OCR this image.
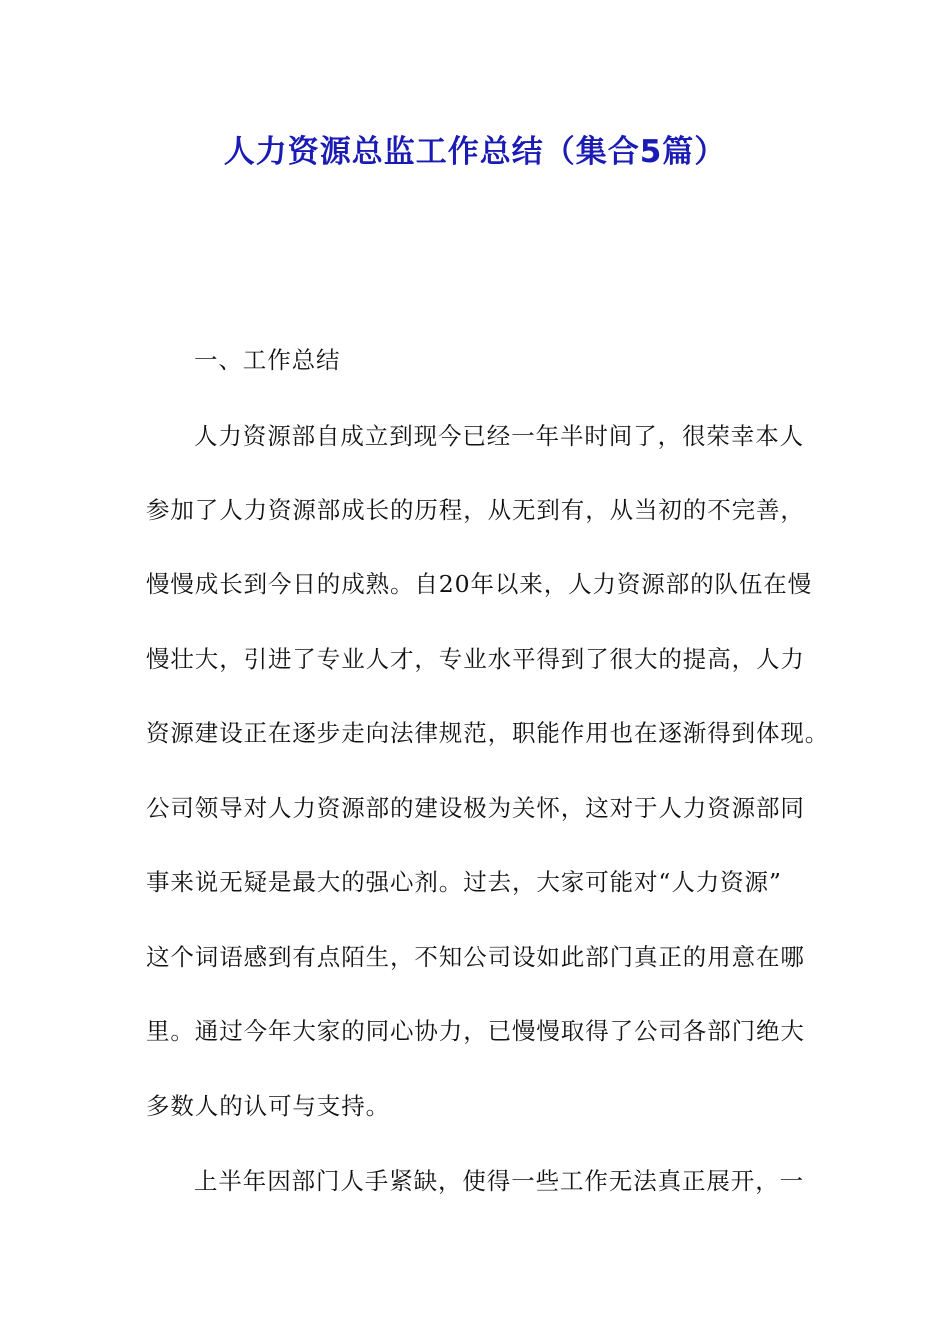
人力资源总监工作总结（集合5篇）
一、工作总结
人力资源部自成立到现今已经一年半时间了，很荣幸本人
参加了人力资源部成长的历程，从无到有，从当初的不完善，
慢慢成长到今日的成熟。自20年以来，人力资源部的队伍在慢
慢壮大，引进了专业人才，专业水平得到了很大的提高，人力
资源建设正在逐步走向法律规范，职能作用也在逐渐得到体现。
公司领导对人力资源部的建设极为关怀，这对于人力资源部同
事来说无疑是最大的强心剂。过去，大家可能对“人力资源”
这个词语感到有点陌生，不知公司设如此部门真正的用意在哪
里。通过今年大家的同心协力，已慢慢取得了公司各部门绝大
多数人的认可与支持。
上半年因部门人手紧缺，使得一些工作无法真正展开，一
